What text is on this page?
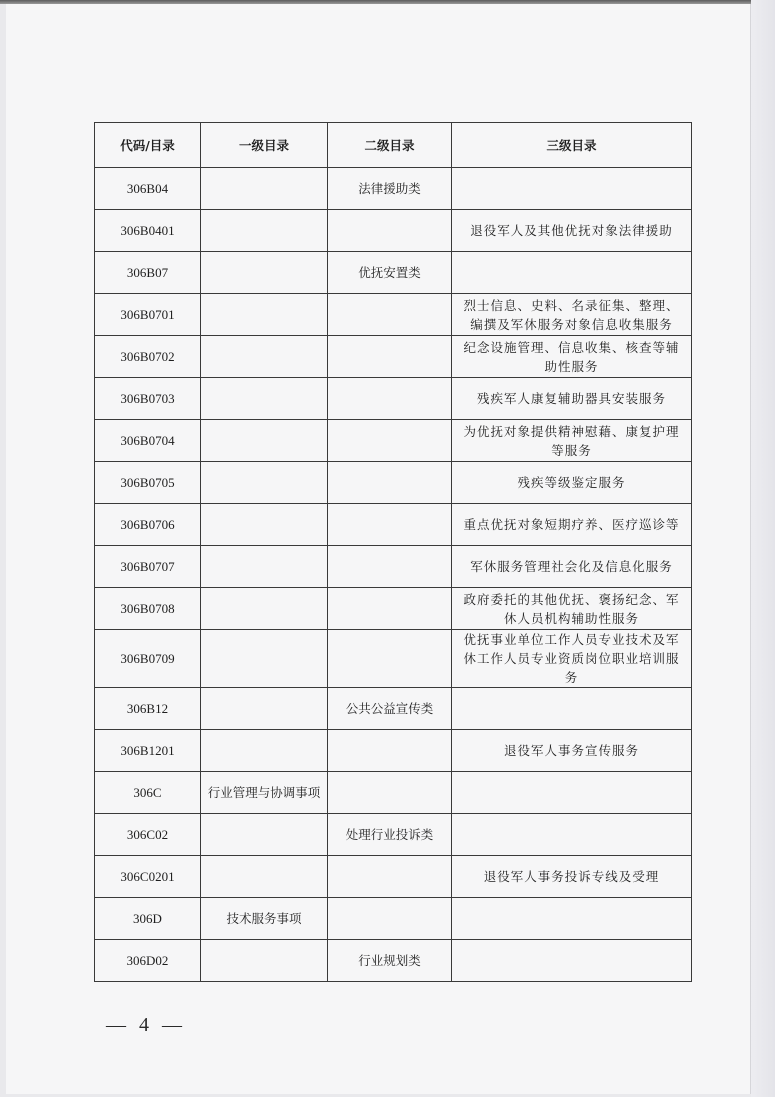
代码/目录	一级目录	二级目录	三级目录
306B04		法律援助类	
306B0401			退役军人及其他优抚对象法律援助
306B07		优抚安置类	
306B0701			烈士信息、史料、名录征集、整理、编撰及军休服务对象信息收集服务
306B0702			纪念设施管理、信息收集、核查等辅助性服务
306B0703			残疾军人康复辅助器具安装服务
306B0704			为优抚对象提供精神慰藉、康复护理等服务
306B0705			残疾等级鉴定服务
306B0706			重点优抚对象短期疗养、医疗巡诊等
306B0707			军休服务管理社会化及信息化服务
306B0708			政府委托的其他优抚、褒扬纪念、军休人员机构辅助性服务
306B0709			优抚事业单位工作人员专业技术及军休工作人员专业资质岗位职业培训服务
306B12		公共公益宣传类	
306B1201			退役军人事务宣传服务
306C	行业管理与协调事项		
306C02		处理行业投诉类	
306C0201			退役军人事务投诉专线及受理
306D	技术服务事项		
306D02		行业规划类	
— 4 —
